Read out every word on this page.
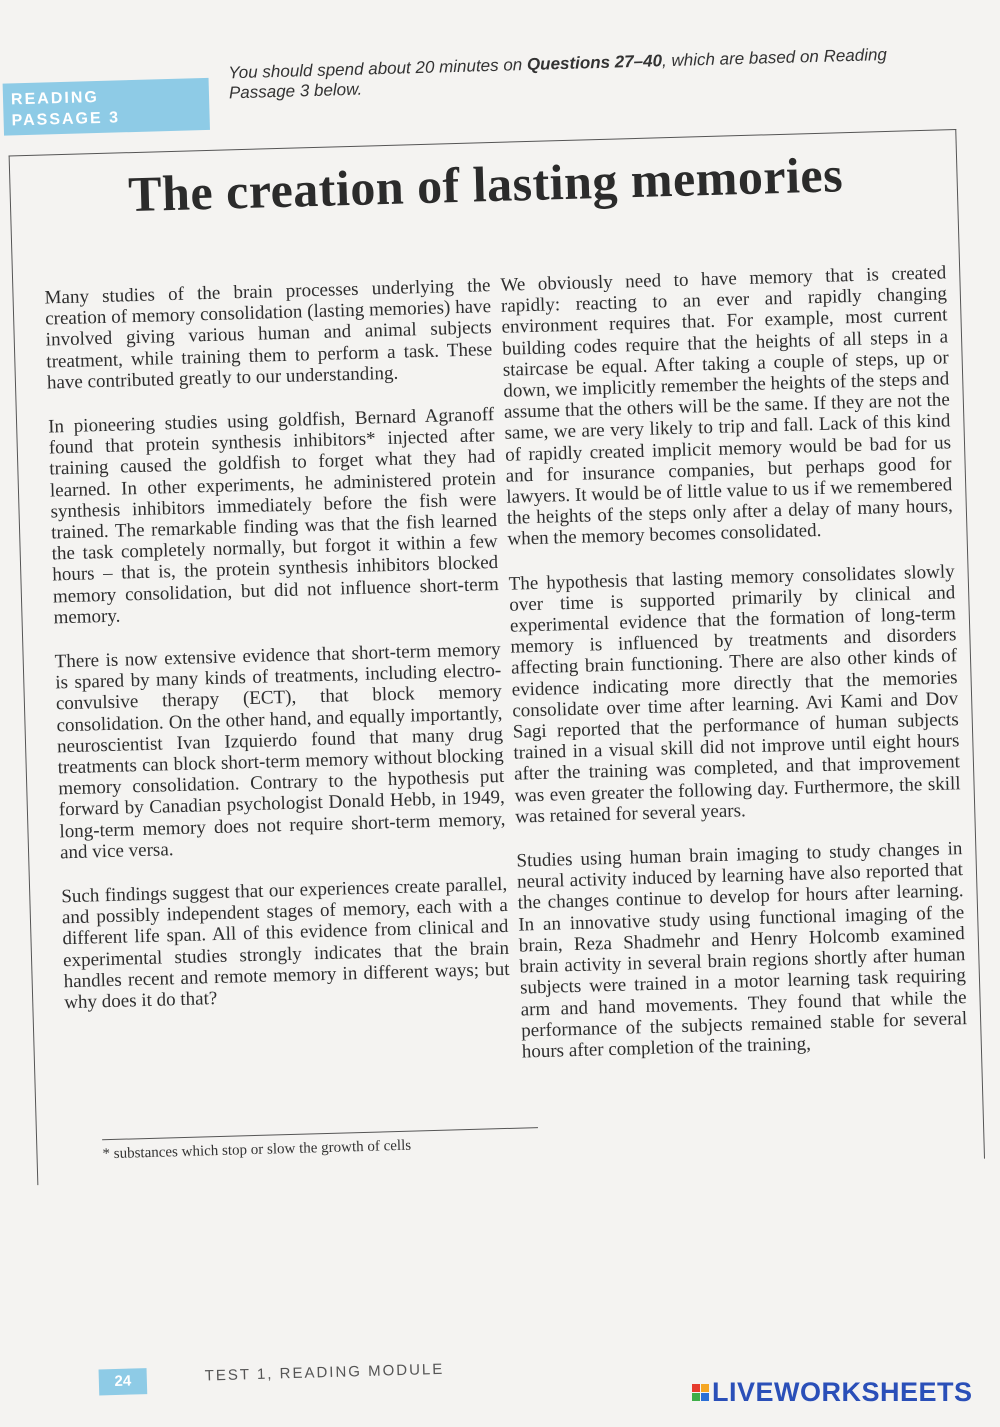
READING
PASSAGE 3
You should spend about 20 minutes on Questions 27–40, which are based on Reading Passage 3 below.
The creation of lasting memories

Many studies of the brain processes underlying the creation of memory consolidation (lasting memories) have involved giving various human and animal subjects treatment, while training them to perform a task. These have contributed greatly to our understanding.

In pioneering studies using goldfish, Bernard Agranoff found that protein synthesis inhibitors* injected after training caused the goldfish to forget what they had learned. In other experiments, he administered protein synthesis inhibitors immediately before the fish were trained. The remarkable finding was that the fish learned the task completely normally, but forgot it within a few hours – that is, the protein synthesis inhibitors blocked memory consolidation, but did not influence short-term memory.

There is now extensive evidence that short-term memory is spared by many kinds of treatments, including electro-convulsive therapy (ECT), that block memory consolidation. On the other hand, and equally importantly, neuroscientist Ivan Izquierdo found that many drug treatments can block short-term memory without blocking memory consolidation. Contrary to the hypothesis put forward by Canadian psychologist Donald Hebb, in 1949, long-term memory does not require short-term memory, and vice versa.

Such findings suggest that our experiences create parallel, and possibly independent stages of memory, each with a different life span. All of this evidence from clinical and experimental studies strongly indicates that the brain handles recent and remote memory in different ways; but why does it do that?

We obviously need to have memory that is created rapidly: reacting to an ever and rapidly changing environment requires that. For example, most current building codes require that the heights of all steps in a staircase be equal. After taking a couple of steps, up or down, we implicitly remember the heights of the steps and assume that the others will be the same. If they are not the same, we are very likely to trip and fall. Lack of this kind of rapidly created implicit memory would be bad for us and for insurance companies, but perhaps good for lawyers. It would be of little value to us if we remembered the heights of the steps only after a delay of many hours, when the memory becomes consolidated.

The hypothesis that lasting memory consolidates slowly over time is supported primarily by clinical and experimental evidence that the formation of long-term memory is influenced by treatments and disorders affecting brain functioning. There are also other kinds of evidence indicating more directly that the memories consolidate over time after learning. Avi Kami and Dov Sagi reported that the performance of human subjects trained in a visual skill did not improve until eight hours after the training was completed, and that improvement was even greater the following day. Furthermore, the skill was retained for several years.

Studies using human brain imaging to study changes in neural activity induced by learning have also reported that the changes continue to develop for hours after learning. In an innovative study using functional imaging of the brain, Reza Shadmehr and Henry Holcomb examined brain activity in several brain regions shortly after human subjects were trained in a motor learning task requiring arm and hand movements. They found that while the performance of the subjects remained stable for several hours after completion of the training,

* substances which stop or slow the growth of cells
24	TEST 1, READING MODULE
LIVEWORKSHEETS
